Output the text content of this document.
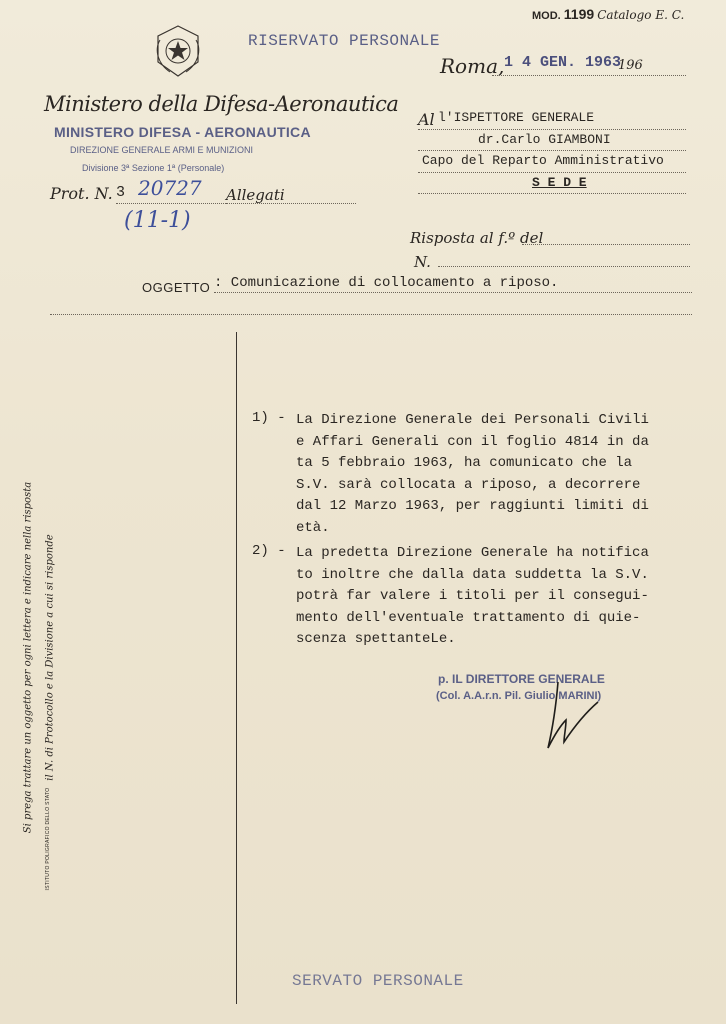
MOD. 1199 Catalogo E. C.
RISERVATO PERSONALE
Roma, 1 4 GEN. 1963
196
Ministero della Difesa-Aeronautica
MINISTERO DIFESA - AERONAUTICA
DIREZIONE GENERALE ARMI E MUNIZIONI
Divisione 3ª Sezione 1ª (Personale)
Prot. N. 3 20727 Allegati
(11-1)
Al l'ISPETTORE GENERALE
dr.Carlo GIAMBONI
Capo del Reparto Amministrativo
S E D E
Risposta al f.º del
N.
OGGETTO : Comunicazione di collocamento a riposo.
Si prega trattare un oggetto per ogni lettera e indicare nella risposta il N. di Protocollo e la Divisione a cui si risponde
ISTITUTO POLIGRAFICO DELLO STATO
1) - La Direzione Generale dei Personali Civili
e Affari Generali con il foglio 4814 in da
ta 5 febbraio 1963, ha comunicato che la
S.V. sarà collocata a riposo, a decorrere
dal 12 Marzo 1963, per raggiunti limiti di
età.
2) - La predetta Direzione Generale ha notifica
to inoltre che dalla data suddetta la S.V.
potrà far valere i titoli per il consegui-
mento dell'eventuale trattamento di quie-
scenza spettanteLe.
p. IL DIRETTORE GENERALE
(Col. A.A.r.n. Pil. Giulio MARINI)
SERVATO PERSONALE
